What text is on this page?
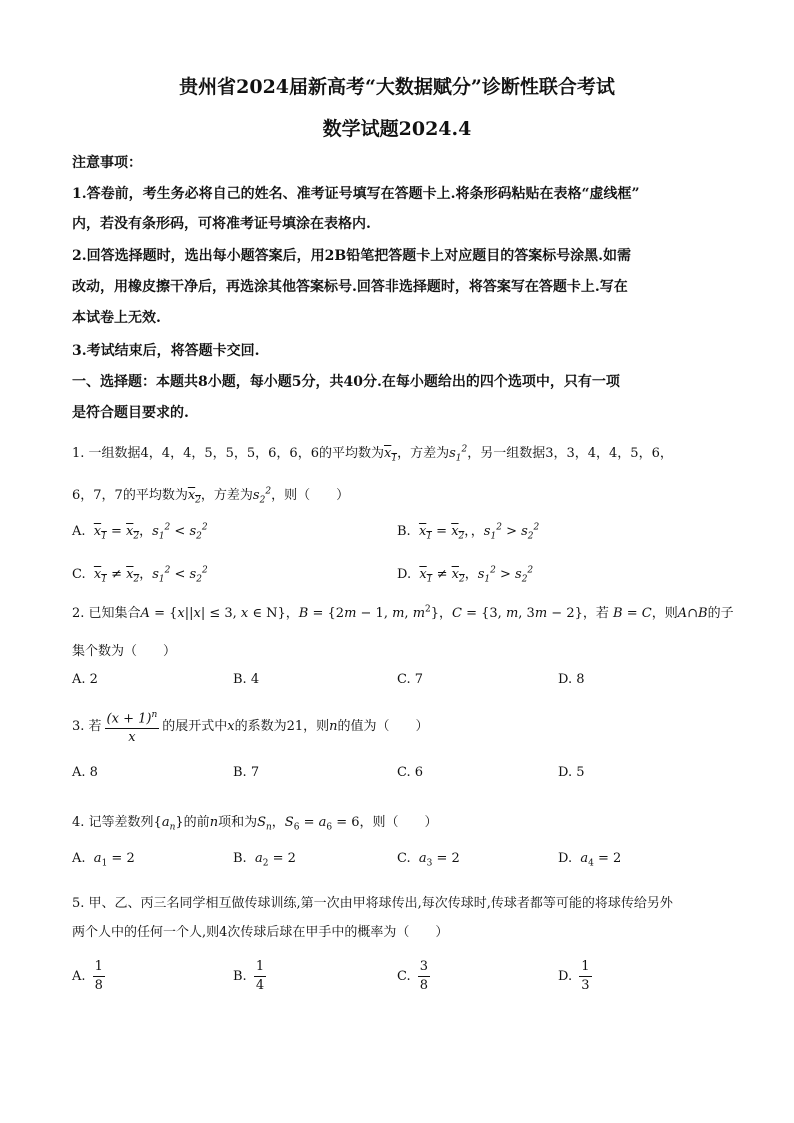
贵州省2024届新高考“大数据赋分”诊断性联合考试
数学试题2024.4
注意事项：
1.答卷前，考生务必将自己的姓名、准考证号填写在答题卡上.将条形码粘贴在表格“虚线框”
内，若没有条形码，可将准考证号填涂在表格内.
2.回答选择题时，选出每小题答案后，用2B铅笔把答题卡上对应题目的答案标号涂黑.如需
改动，用橡皮擦干净后，再选涂其他答案标号.回答非选择题时，将答案写在答题卡上.写在
本试卷上无效.
3.考试结束后，将答题卡交回.
一、选择题：本题共8小题，每小题5分，共40分.在每小题给出的四个选项中，只有一项
是符合题目要求的.
1. 一组数据4，4，4，5，5，5，6，6，6的平均数为$x_1$，方差为$s_1^2$，另一组数据3，3，4，4，5，6，
6，7，7的平均数为$x_2$，方差为$s_2^2$，则（　　）
A. $x_1 = x_2$，$s_1^2 < s_2^2$	B. $x_1 = x_2$，，$s_1^2 > s_2^2$
C. $x_1 \ne x_2$，$s_1^2 < s_2^2$	D. $x_1 \ne x_2$，$s_1^2 > s_2^2$
2. 已知集合A = {x||x| ≤ 3, x ∈ N}，B = {2m − 1, m, $m^2$}，C = {3, m, 3m − 2}，若 B = C，则A∩B的子
集个数为（　　）
A. 2	B. 4	C. 7	D. 8
3. 若 $\frac{(x + 1)^n}{x}$ 的展开式中x的系数为21，则n的值为（　　）
A. 8	B. 7	C. 6	D. 5
4. 记等差数列$\{a_n\}$的前n项和为$S_n$，$S_6 = a_6 = 6$，则（　　）
A. $a_1 = 2$	B. $a_2 = 2$	C. $a_3 = 2$	D. $a_4 = 2$
5. 甲、乙、丙三名同学相互做传球训练,第一次由甲将球传出,每次传球时,传球者都等可能的将球传给另外
两个人中的任何一个人,则4次传球后球在甲手中的概率为（　　）
A. $\frac{1}{8}$	B. $\frac{1}{4}$	C. $\frac{3}{8}$	D. $\frac{1}{3}$
